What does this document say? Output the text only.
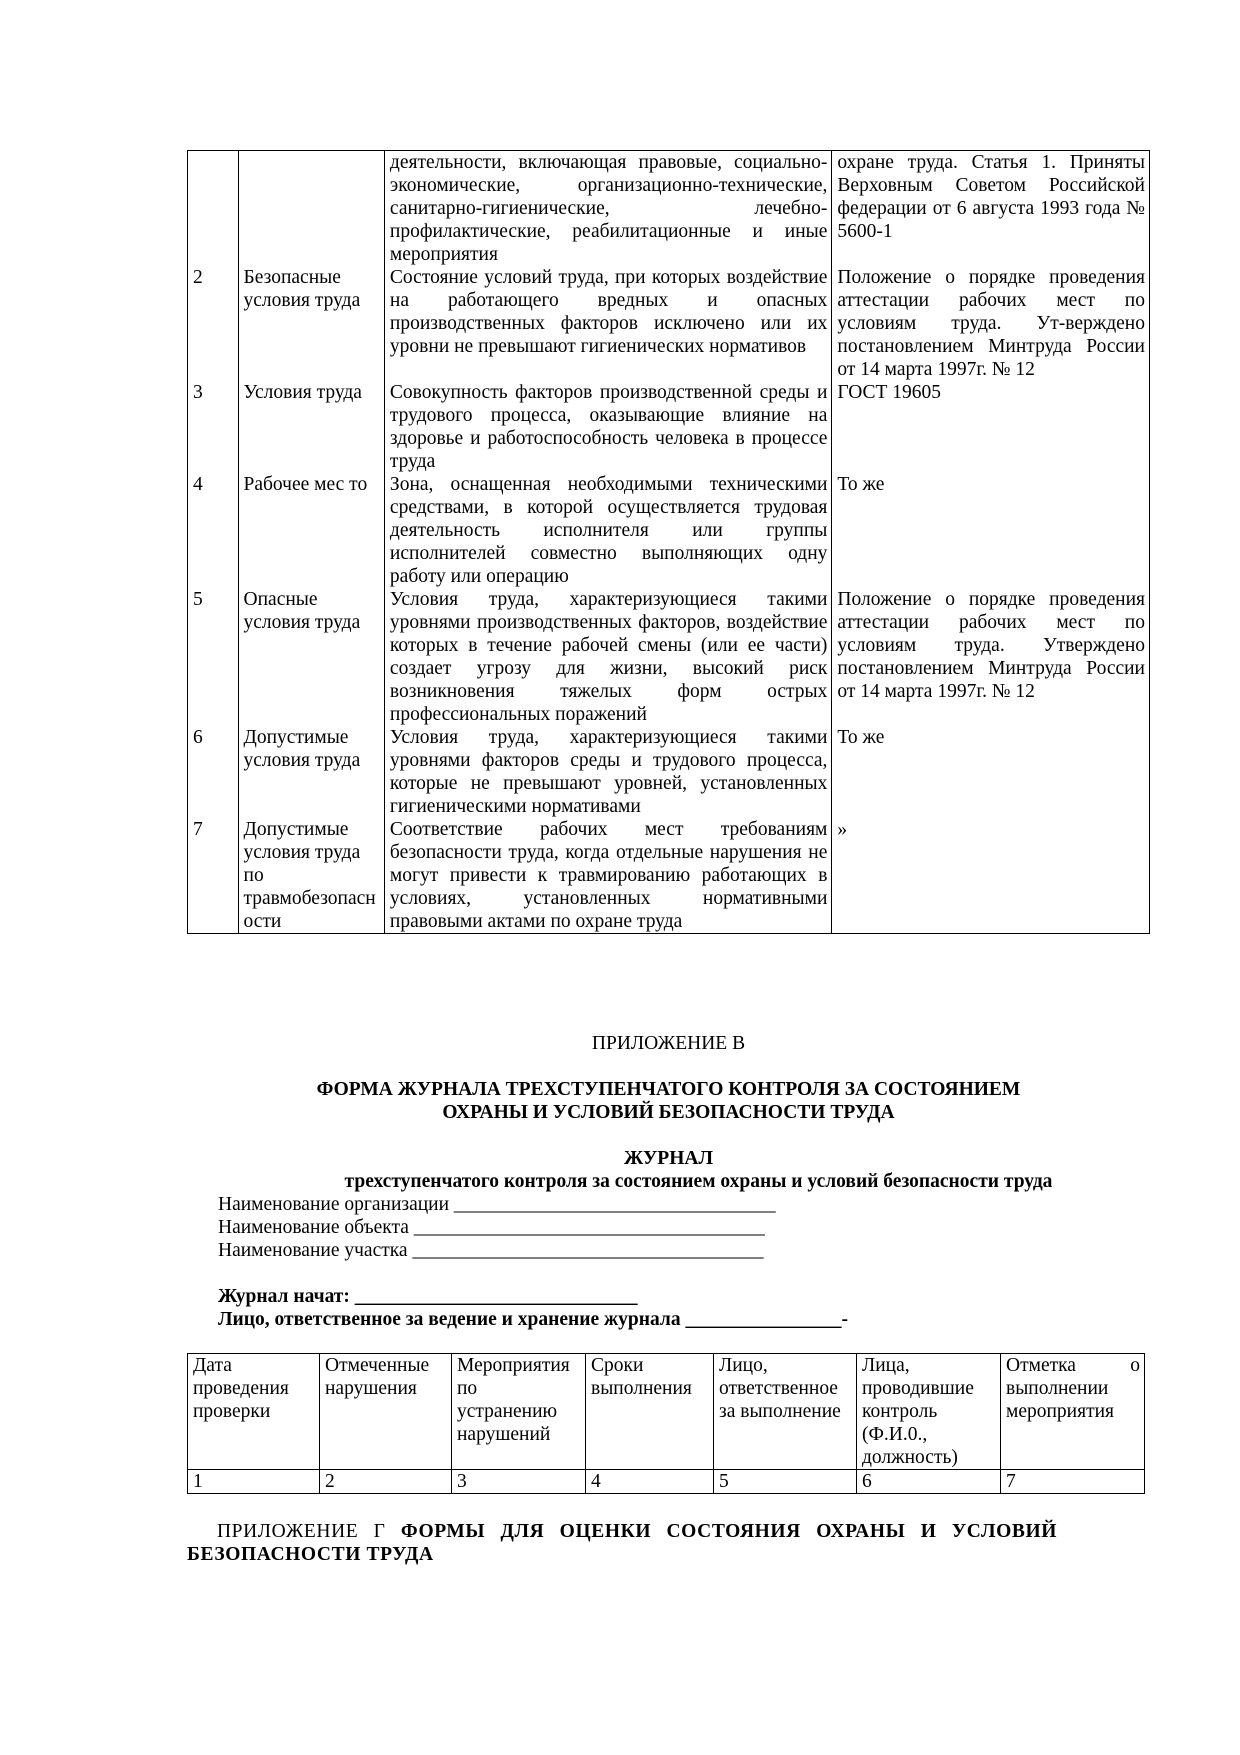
		деятельности, включающая правовые, социально-экономические, организационно-технические, санитарно-гигиенические, лечебно-профилактические, реабилитационные и иные мероприятия	охране труда. Статья 1. Приняты Верховным Советом Российской федерации от 6 августа 1993 года № 5600-1
2	Безопасные условия труда	Состояние условий труда, при которых воздействие на работающего вредных и опасных производственных факторов исключено или их уровни не превышают гигиенических нормативов	Положение о порядке проведения аттестации рабочих мест по условиям труда. Ут-верждено постановлением Минтруда России от 14 марта 1997г. № 12
3	Условия труда	Совокупность факторов производственной среды и трудового процесса, оказывающие влияние на здоровье и работоспособность человека в процессе труда	ГОСТ 19605
4	Рабочее мес то	Зона, оснащенная необходимыми техническими средствами, в которой осуществляется трудовая деятельность исполнителя или группы исполнителей совместно выполняющих одну работу или операцию	То же
5	Опасные условия труда	Условия труда, характеризующиеся такими уровнями производственных факторов, воздействие которых в течение рабочей смены (или ее части) создает угрозу для жизни, высокий риск возникновения тяжелых форм острых профессиональных поражений	Положение о порядке проведения аттестации рабочих мест по условиям труда. Утверждено постановлением Минтруда России от 14 марта 1997г. № 12
6	Допустимые условия труда	Условия труда, характеризующиеся такими уровнями факторов среды и трудового процесса, которые не превышают уровней, установленных гигиеническими нормативами	То же
7	Допустимые условия труда по травмобезопасн ости	Соответствие рабочих мест требованиям безопасности труда, когда отдельные нарушения не могут привести к травмированию работающих в условиях, установленных нормативными правовыми актами по охране труда	»
ПРИЛОЖЕНИЕ В
ФОРМА ЖУРНАЛА ТРЕХСТУПЕНЧАТОГО КОНТРОЛЯ ЗА СОСТОЯНИЕМ
ОХРАНЫ И УСЛОВИЙ БЕЗОПАСНОСТИ ТРУДА
ЖУРНАЛ
трехступенчатого контроля за состоянием охраны и условий безопасности труда
Наименование организации _________________________________
Наименование объекта ____________________________________
Наименование участка ____________________________________
Журнал начат: _____________________________
Лицо, ответственное за ведение и хранение журнала ________________-
Дата проведения проверки	Отмеченные нарушения	Мероприятия по устранению нарушений	Сроки выполнения	Лицо, ответственное за выполнение	Лица, проводившие контроль (Ф.И.0., должность)	Отметка о выполнении мероприятия
1	2	3	4	5	6	7
ПРИЛОЖЕНИЕ Г ФОРМЫ ДЛЯ ОЦЕНКИ СОСТОЯНИЯ ОХРАНЫ И УСЛОВИЙ БЕЗОПАСНОСТИ ТРУДА
